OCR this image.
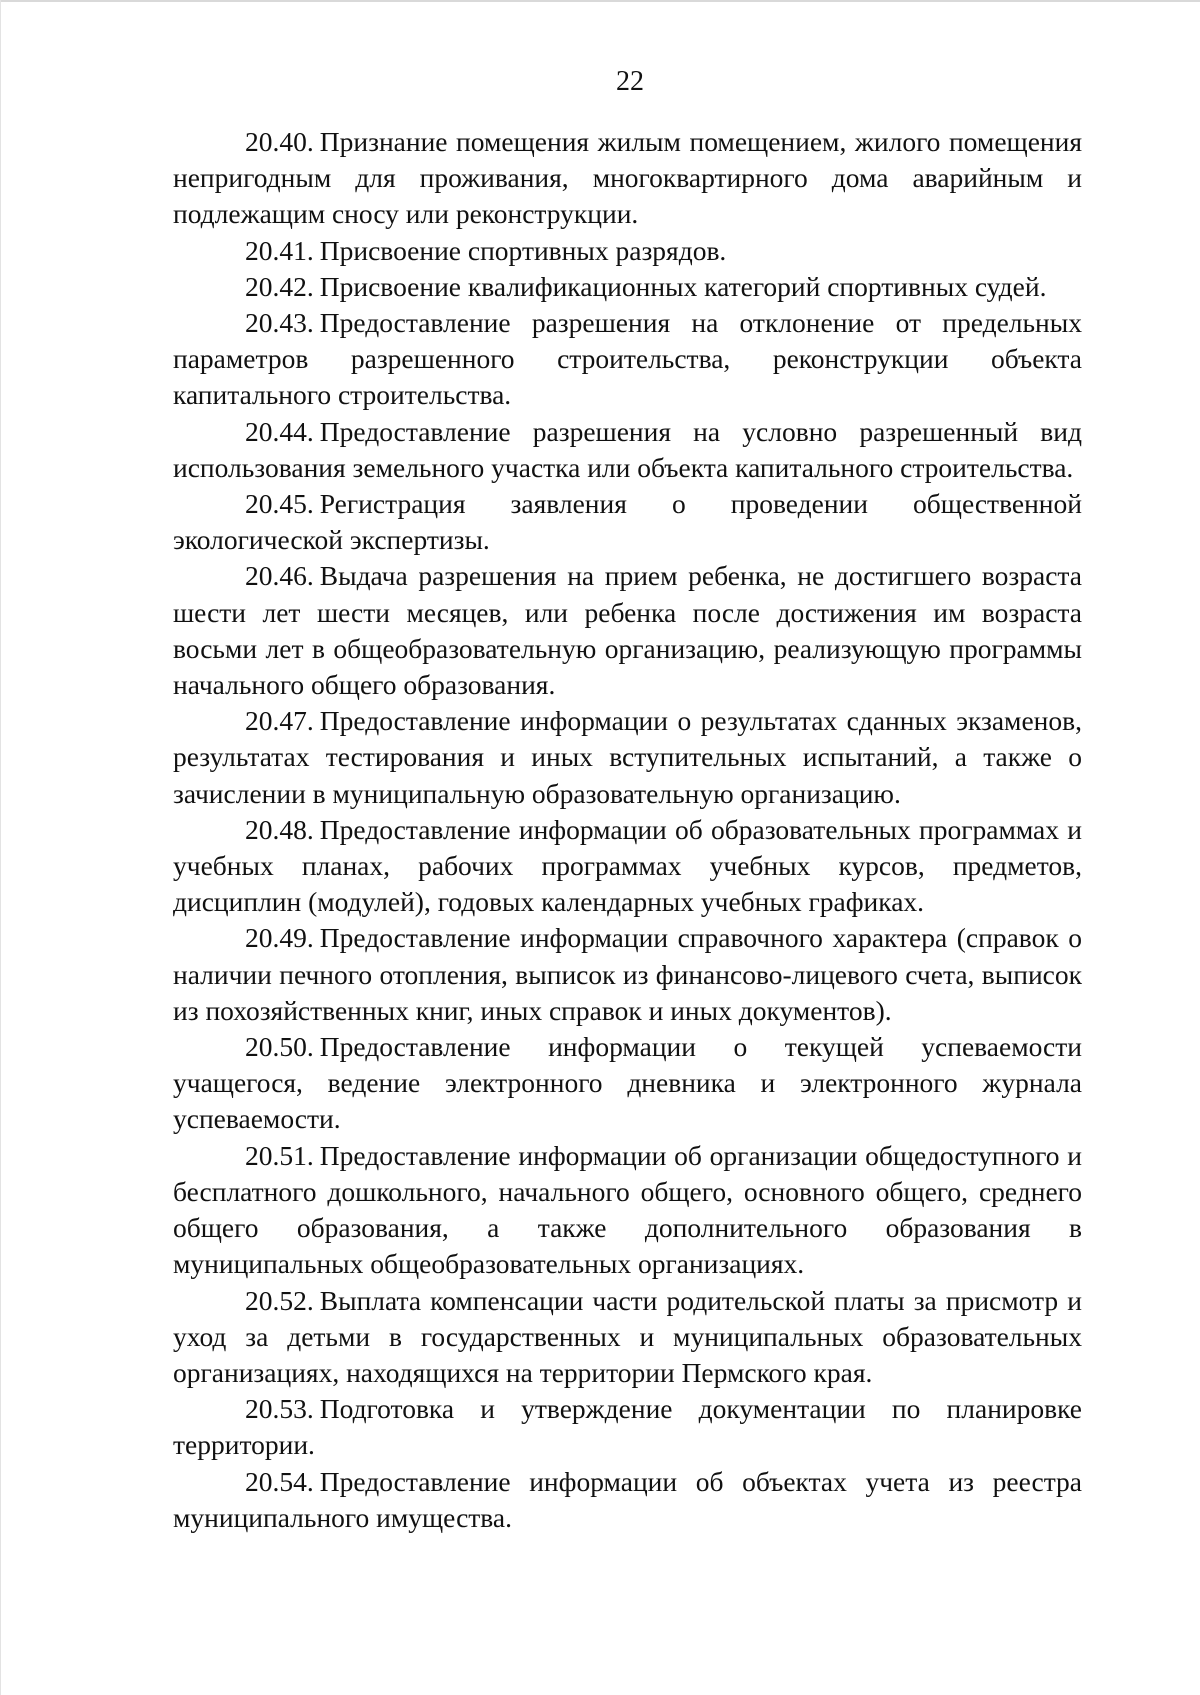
22

20.40. Признание помещения жилым помещением, жилого помещения непригодным для проживания, многоквартирного дома аварийным и подлежащим сносу или реконструкции.

20.41. Присвоение спортивных разрядов.

20.42. Присвоение квалификационных категорий спортивных судей.

20.43. Предоставление разрешения на отклонение от предельных параметров разрешенного строительства, реконструкции объекта капитального строительства.

20.44. Предоставление разрешения на условно разрешенный вид использования земельного участка или объекта капитального строительства.

20.45. Регистрация заявления о проведении общественной экологической экспертизы.

20.46. Выдача разрешения на прием ребенка, не достигшего возраста шести лет шести месяцев, или ребенка после достижения им возраста восьми лет в общеобразовательную организацию, реализующую программы начального общего образования.

20.47. Предоставление информации о результатах сданных экзаменов, результатах тестирования и иных вступительных испытаний, а также о зачислении в муниципальную образовательную организацию.

20.48. Предоставление информации об образовательных программах и учебных планах, рабочих программах учебных курсов, предметов, дисциплин (модулей), годовых календарных учебных графиках.

20.49. Предоставление информации справочного характера (справок о наличии печного отопления, выписок из финансово-лицевого счета, выписок из похозяйственных книг, иных справок и иных документов).

20.50. Предоставление информации о текущей успеваемости учащегося, ведение электронного дневника и электронного журнала успеваемости.

20.51. Предоставление информации об организации общедоступного и бесплатного дошкольного, начального общего, основного общего, среднего общего образования, а также дополнительного образования в муниципальных общеобразовательных организациях.

20.52. Выплата компенсации части родительской платы за присмотр и уход за детьми в государственных и муниципальных образовательных организациях, находящихся на территории Пермского края.

20.53. Подготовка и утверждение документации по планировке территории.

20.54. Предоставление информации об объектах учета из реестра муниципального имущества.
